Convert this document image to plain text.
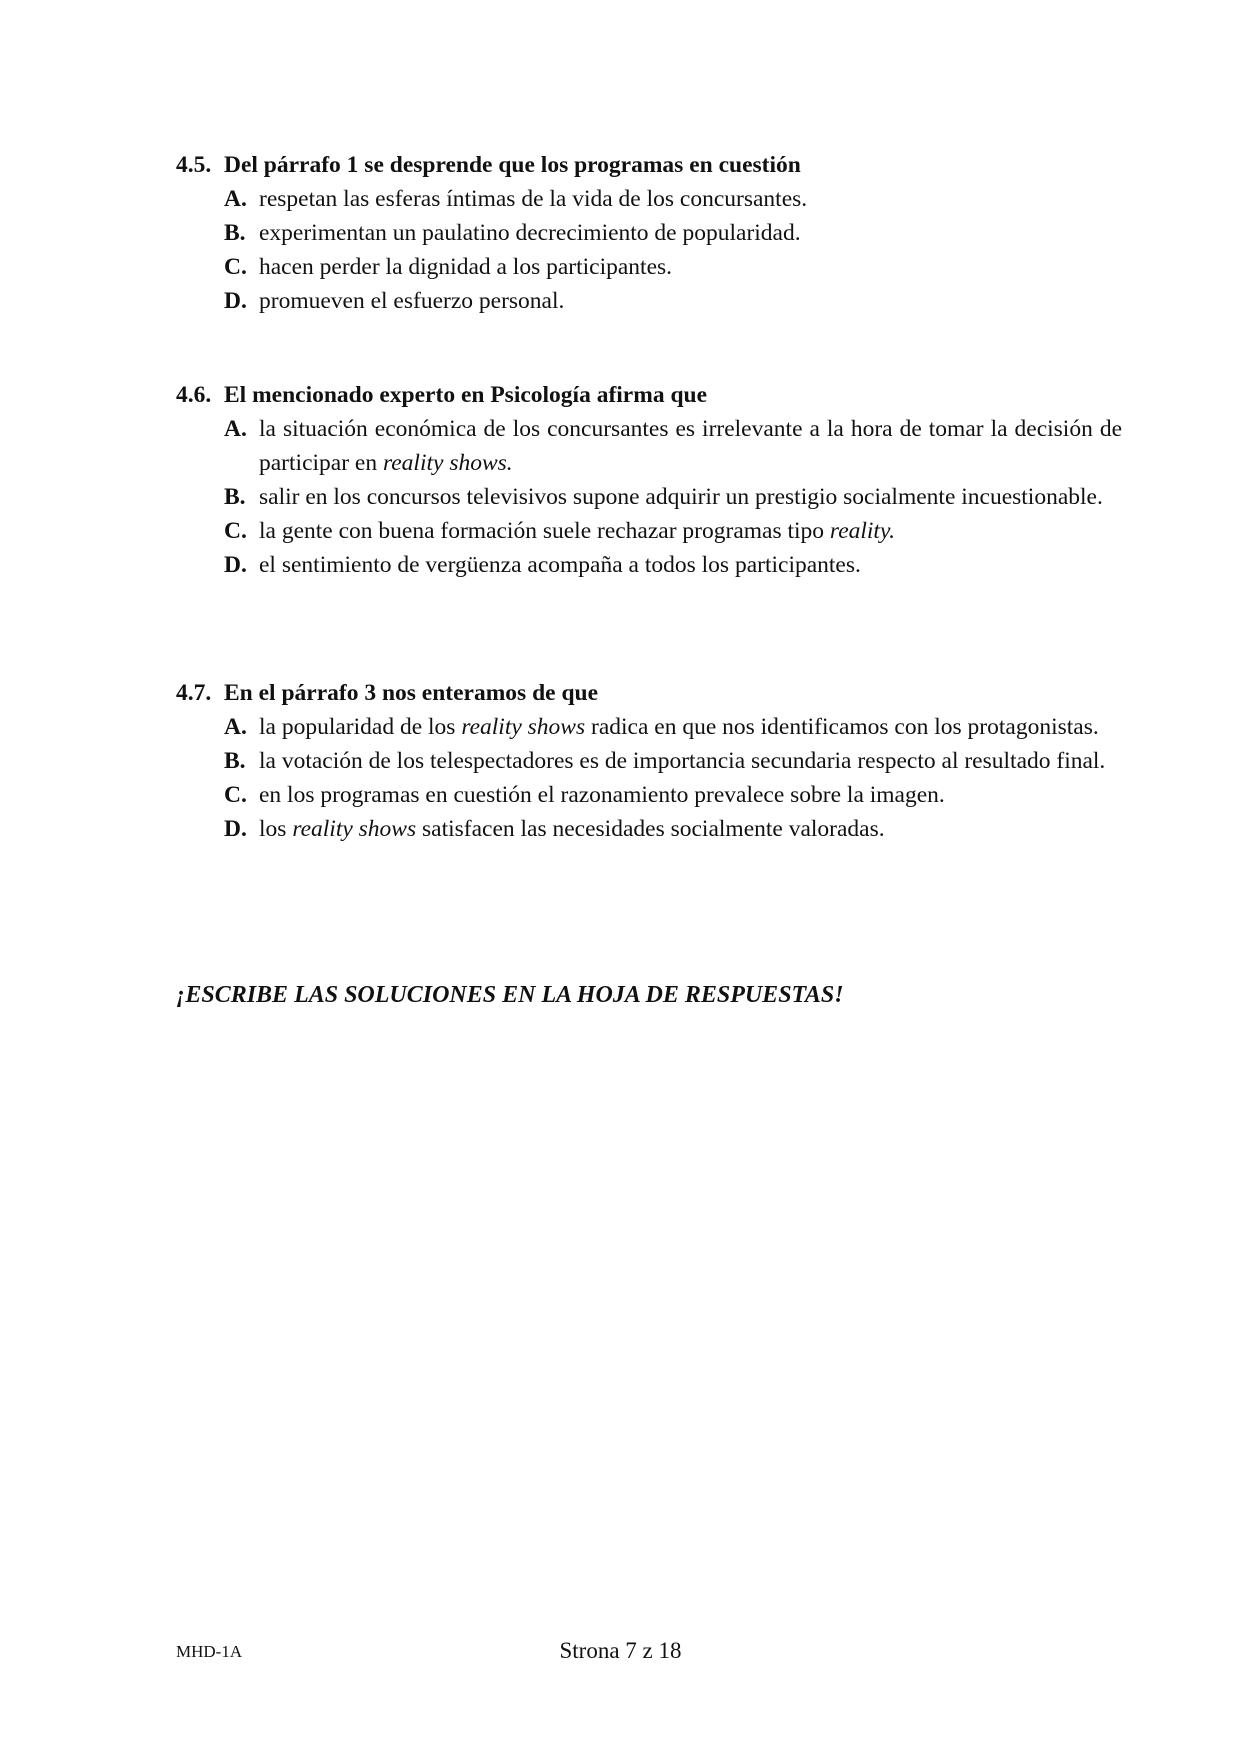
4.5. Del párrafo 1 se desprende que los programas en cuestión
A. respetan las esferas íntimas de la vida de los concursantes.
B. experimentan un paulatino decrecimiento de popularidad.
C. hacen perder la dignidad a los participantes.
D. promueven el esfuerzo personal.
4.6. El mencionado experto en Psicología afirma que
A. la situación económica de los concursantes es irrelevante a la hora de tomar la decisión de participar en reality shows.
B. salir en los concursos televisivos supone adquirir un prestigio socialmente incuestionable.
C. la gente con buena formación suele rechazar programas tipo reality.
D. el sentimiento de vergüenza acompaña a todos los participantes.
4.7. En el párrafo 3 nos enteramos de que
A. la popularidad de los reality shows radica en que nos identificamos con los protagonistas.
B. la votación de los telespectadores es de importancia secundaria respecto al resultado final.
C. en los programas en cuestión el razonamiento prevalece sobre la imagen.
D. los reality shows satisfacen las necesidades socialmente valoradas.
¡ESCRIBE LAS SOLUCIONES EN LA HOJA DE RESPUESTAS!
MHD-1A	Strona 7 z 18
